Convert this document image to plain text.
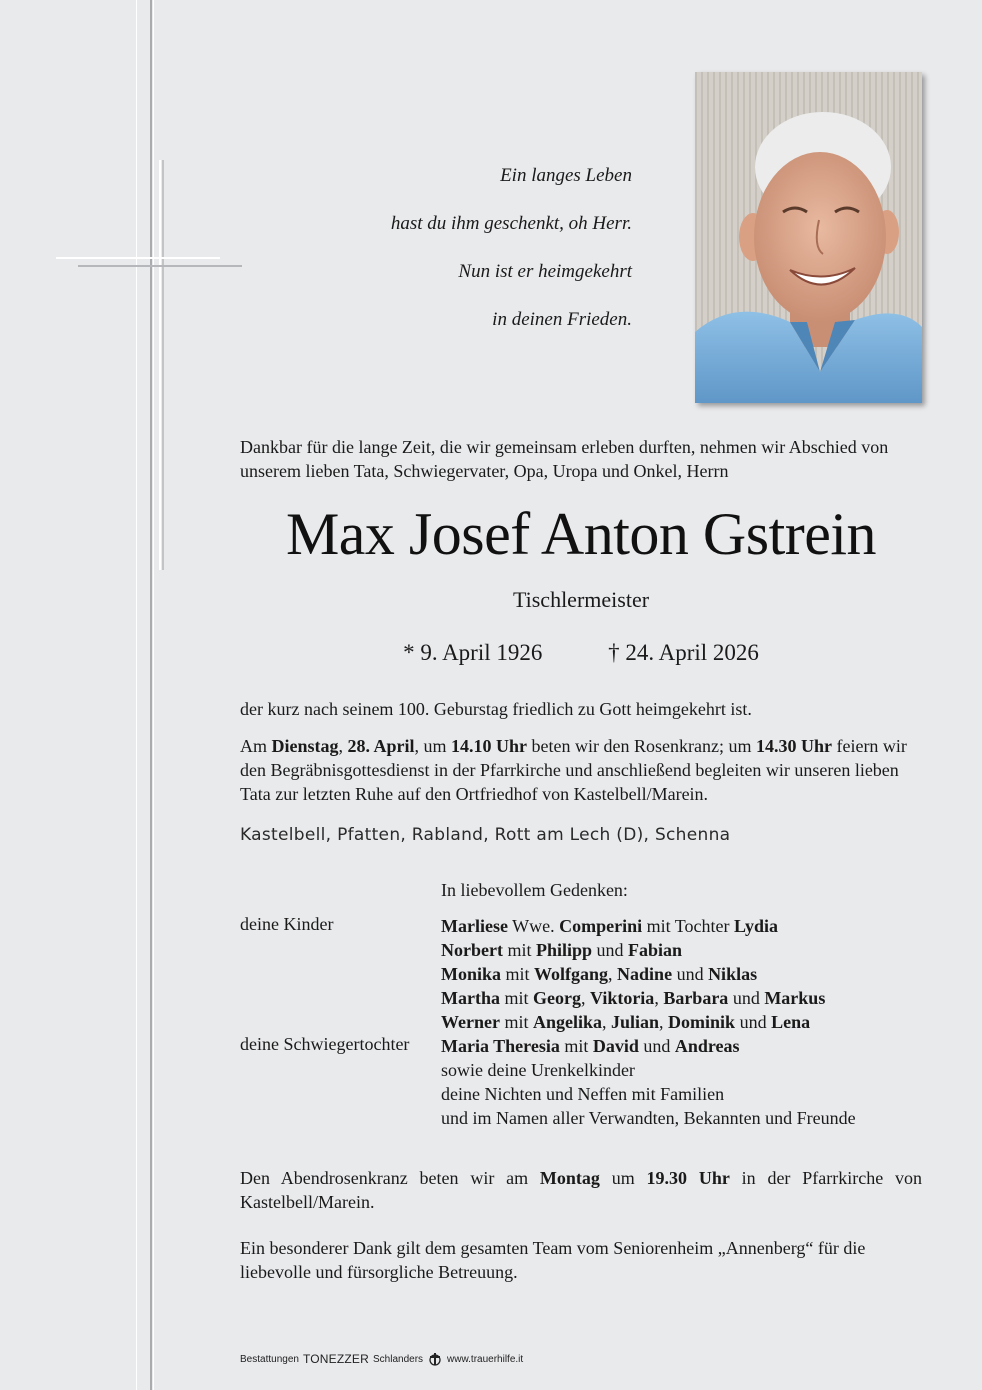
Ein langes Leben
hast du ihm geschenkt, oh Herr.
Nun ist er heimgekehrt
in deinen Frieden.
Dankbar für die lange Zeit, die wir gemeinsam erleben durften, nehmen wir Abschied von unserem lieben Tata, Schwiegervater, Opa, Uropa und Onkel, Herrn
Max Josef Anton Gstrein
Tischlermeister
* 9. April 1926	† 24. April 2026
der kurz nach seinem 100. Geburstag friedlich zu Gott heimgekehrt ist.
Am Dienstag, 28. April, um 14.10 Uhr beten wir den Rosenkranz; um 14.30 Uhr feiern wir den Begräbnisgottesdienst in der Pfarrkirche und anschließend begleiten wir unseren lieben Tata zur letzten Ruhe auf den Ortfriedhof von Kastelbell/Marein.
Kastelbell, Pfatten, Rabland, Rott am Lech (D), Schenna
In liebevollem Gedenken:
deine Kinder
deine Schwiegertochter
Marliese Wwe. Comperini mit Tochter Lydia
Norbert mit Philipp und Fabian
Monika mit Wolfgang, Nadine und Niklas
Martha mit Georg, Viktoria, Barbara und Markus
Werner mit Angelika, Julian, Dominik und Lena
Maria Theresia mit David und Andreas
sowie deine Urenkelkinder
deine Nichten und Neffen mit Familien
und im Namen aller Verwandten, Bekannten und Freunde
Den Abendrosenkranz beten wir am Montag um 19.30 Uhr in der Pfarrkirche von Kastelbell/Marein.
Ein besonderer Dank gilt dem gesamten Team vom Seniorenheim „Annenberg“ für die liebevolle und fürsorgliche Betreuung.
Bestattungen TONEZZER Schlanders www.trauerhilfe.it
